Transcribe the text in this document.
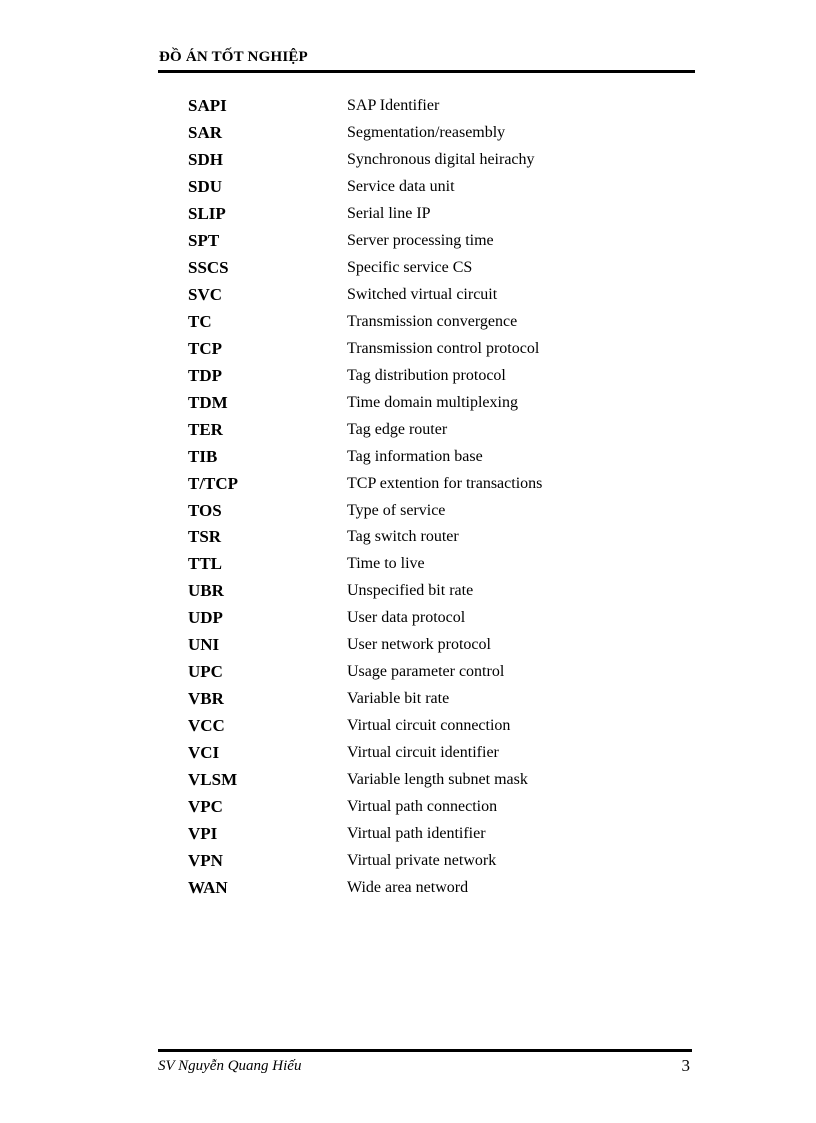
ĐỒ ÁN TỐT NGHIỆP
SAPI	SAP Identifier
SAR	Segmentation/reasembly
SDH	Synchronous digital heirachy
SDU	Service data unit
SLIP	Serial line IP
SPT	Server processing time
SSCS	Specific service CS
SVC	Switched virtual circuit
TC	Transmission convergence
TCP	Transmission control protocol
TDP	Tag distribution protocol
TDM	Time domain multiplexing
TER	Tag edge router
TIB	Tag information base
T/TCP	TCP extention for transactions
TOS	Type of service
TSR	Tag switch router
TTL	Time to live
UBR	Unspecified bit rate
UDP	User data protocol
UNI	User network protocol
UPC	Usage parameter control
VBR	Variable bit rate
VCC	Virtual circuit connection
VCI	Virtual circuit identifier
VLSM	Variable length subnet mask
VPC	Virtual path connection
VPI	Virtual path identifier
VPN	Virtual private network
WAN	Wide area netword
SV Nguyễn Quang Hiếu	3
